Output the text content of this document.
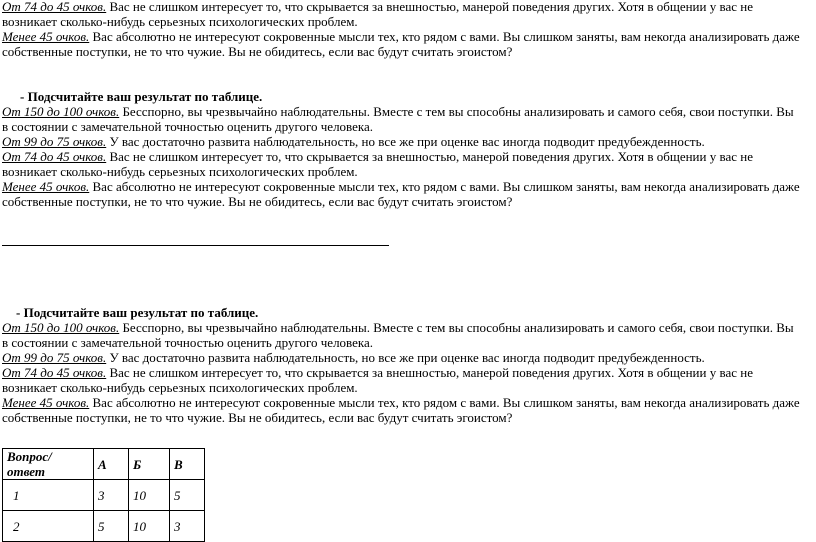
От 74 до 45 очков. Вас не слишком интересует то, что скрывается за внешностью, манерой поведения других. Хотя в общении у вас не возникает сколько-нибудь серьезных психологических проблем.

Менее 45 очков. Вас абсолютно не интересуют сокровенные мысли тех, кто рядом с вами. Вы слишком заняты, вам некогда анализировать даже собственные поступки, не то что чужие. Вы не обидитесь, если вас будут считать эгоистом?

- Подсчитайте ваш результат по таблице.

От 150 до 100 очков. Бесспорно, вы чрезвычайно наблюдательны. Вместе с тем вы способны анализировать и самого себя, свои поступки. Вы в состоянии с замечательной точностью оценить другого человека.

От 99 до 75 очков. У вас достаточно развита наблюдательность, но все же при оценке вас иногда подводит предубежденность.

От 74 до 45 очков. Вас не слишком интересует то, что скрывается за внешностью, манерой поведения других. Хотя в общении у вас не возникает сколько-нибудь серьезных психологических проблем.

Менее 45 очков. Вас абсолютно не интересуют сокровенные мысли тех, кто рядом с вами. Вы слишком заняты, вам некогда анализировать даже собственные поступки, не то что чужие. Вы не обидитесь, если вас будут считать эгоистом?

- Подсчитайте ваш результат по таблице.

От 150 до 100 очков. Бесспорно, вы чрезвычайно наблюдательны. Вместе с тем вы способны анализировать и самого себя, свои поступки. Вы в состоянии с замечательной точностью оценить другого человека.

От 99 до 75 очков. У вас достаточно развита наблюдательность, но все же при оценке вас иногда подводит предубежденность.

От 74 до 45 очков. Вас не слишком интересует то, что скрывается за внешностью, манерой поведения других. Хотя в общении у вас не возникает сколько-нибудь серьезных психологических проблем.

Менее 45 очков. Вас абсолютно не интересуют сокровенные мысли тех, кто рядом с вами. Вы слишком заняты, вам некогда анализировать даже собственные поступки, не то что чужие. Вы не обидитесь, если вас будут считать эгоистом?

Вопрос/ответ	А	Б	В
1	3	10	5
2	5	10	3
